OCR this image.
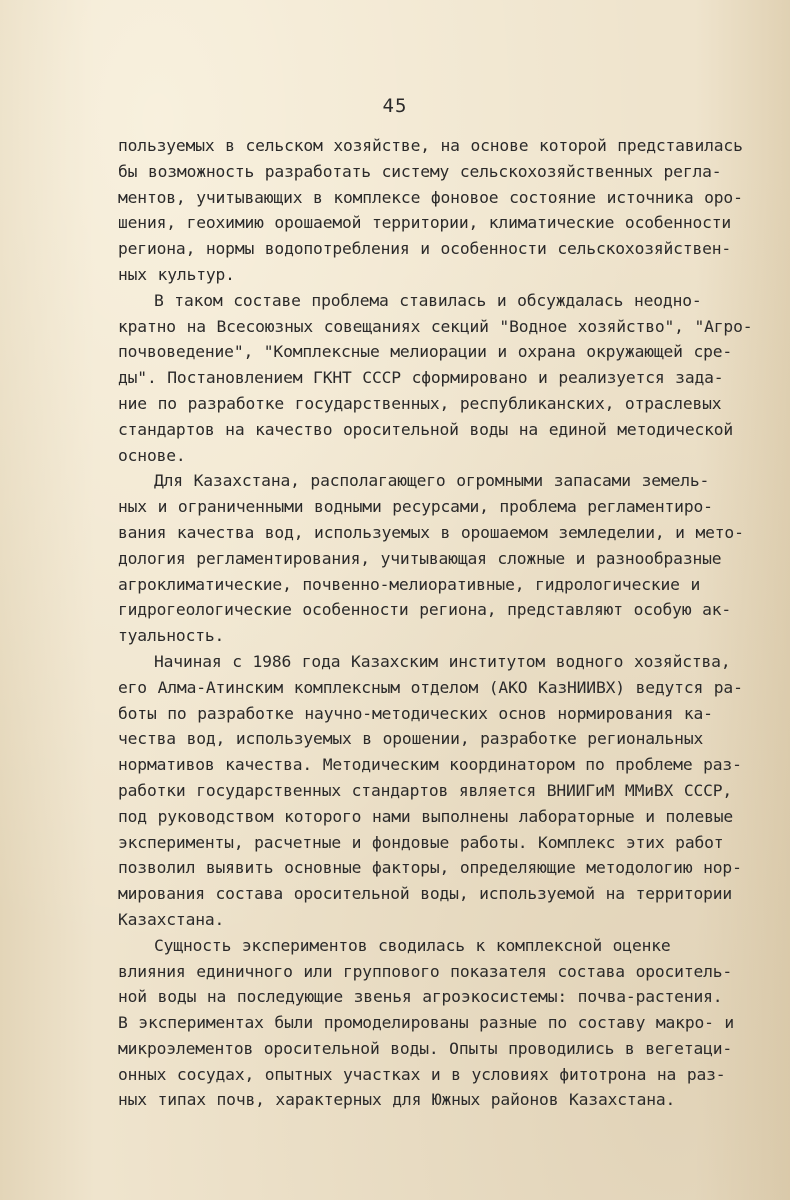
45
пользуемых в сельском хозяйстве, на основе которой представилась
бы возможность разработать систему сельскохозяйственных регла-
ментов, учитывающих в комплексе фоновое состояние источника оро-
шения, геохимию орошаемой территории, климатические особенности
региона, нормы водопотребления и особенности сельскохозяйствен-
ных культур.
В таком составе проблема ставилась и обсуждалась неодно-
кратно на Всесоюзных совещаниях секций "Водное хозяйство", "Агро-
почвоведение", "Комплексные мелиорации и охрана окружающей сре-
ды". Постановлением ГКНТ СССР сформировано и реализуется зада-
ние по разработке государственных, республиканских, отраслевых
стандартов на качество оросительной воды на единой методической
основе.
Для Казахстана, располагающего огромными запасами земель-
ных и ограниченными водными ресурсами, проблема регламентиро-
вания качества вод, используемых в орошаемом земледелии, и мето-
дология регламентирования, учитывающая сложные и разнообразные
агроклиматические, почвенно-мелиоративные, гидрологические и
гидрогеологические особенности региона, представляют особую ак-
туальность.
Начиная с 1986 года Казахским институтом водного хозяйства,
его Алма-Атинским комплексным отделом (АКО КазНИИВХ) ведутся ра-
боты по разработке научно-методических основ нормирования ка-
чества вод, используемых в орошении, разработке региональных
нормативов качества. Методическим координатором по проблеме раз-
работки государственных стандартов является ВНИИГиМ ММиВХ СССР,
под руководством которого нами выполнены лабораторные и полевые
эксперименты, расчетные и фондовые работы. Комплекс этих работ
позволил выявить основные факторы, определяющие методологию нор-
мирования состава оросительной воды, используемой на территории
Казахстана.
Сущность экспериментов сводилась к комплексной оценке
влияния единичного или группового показателя состава ороситель-
ной воды на последующие звенья агроэкосистемы: почва-растения.
В экспериментах были промоделированы разные по составу макро- и
микроэлементов оросительной воды. Опыты проводились в вегетаци-
онных сосудах, опытных участках и в условиях фитотрона на раз-
ных типах почв, характерных для Южных районов Казахстана.
